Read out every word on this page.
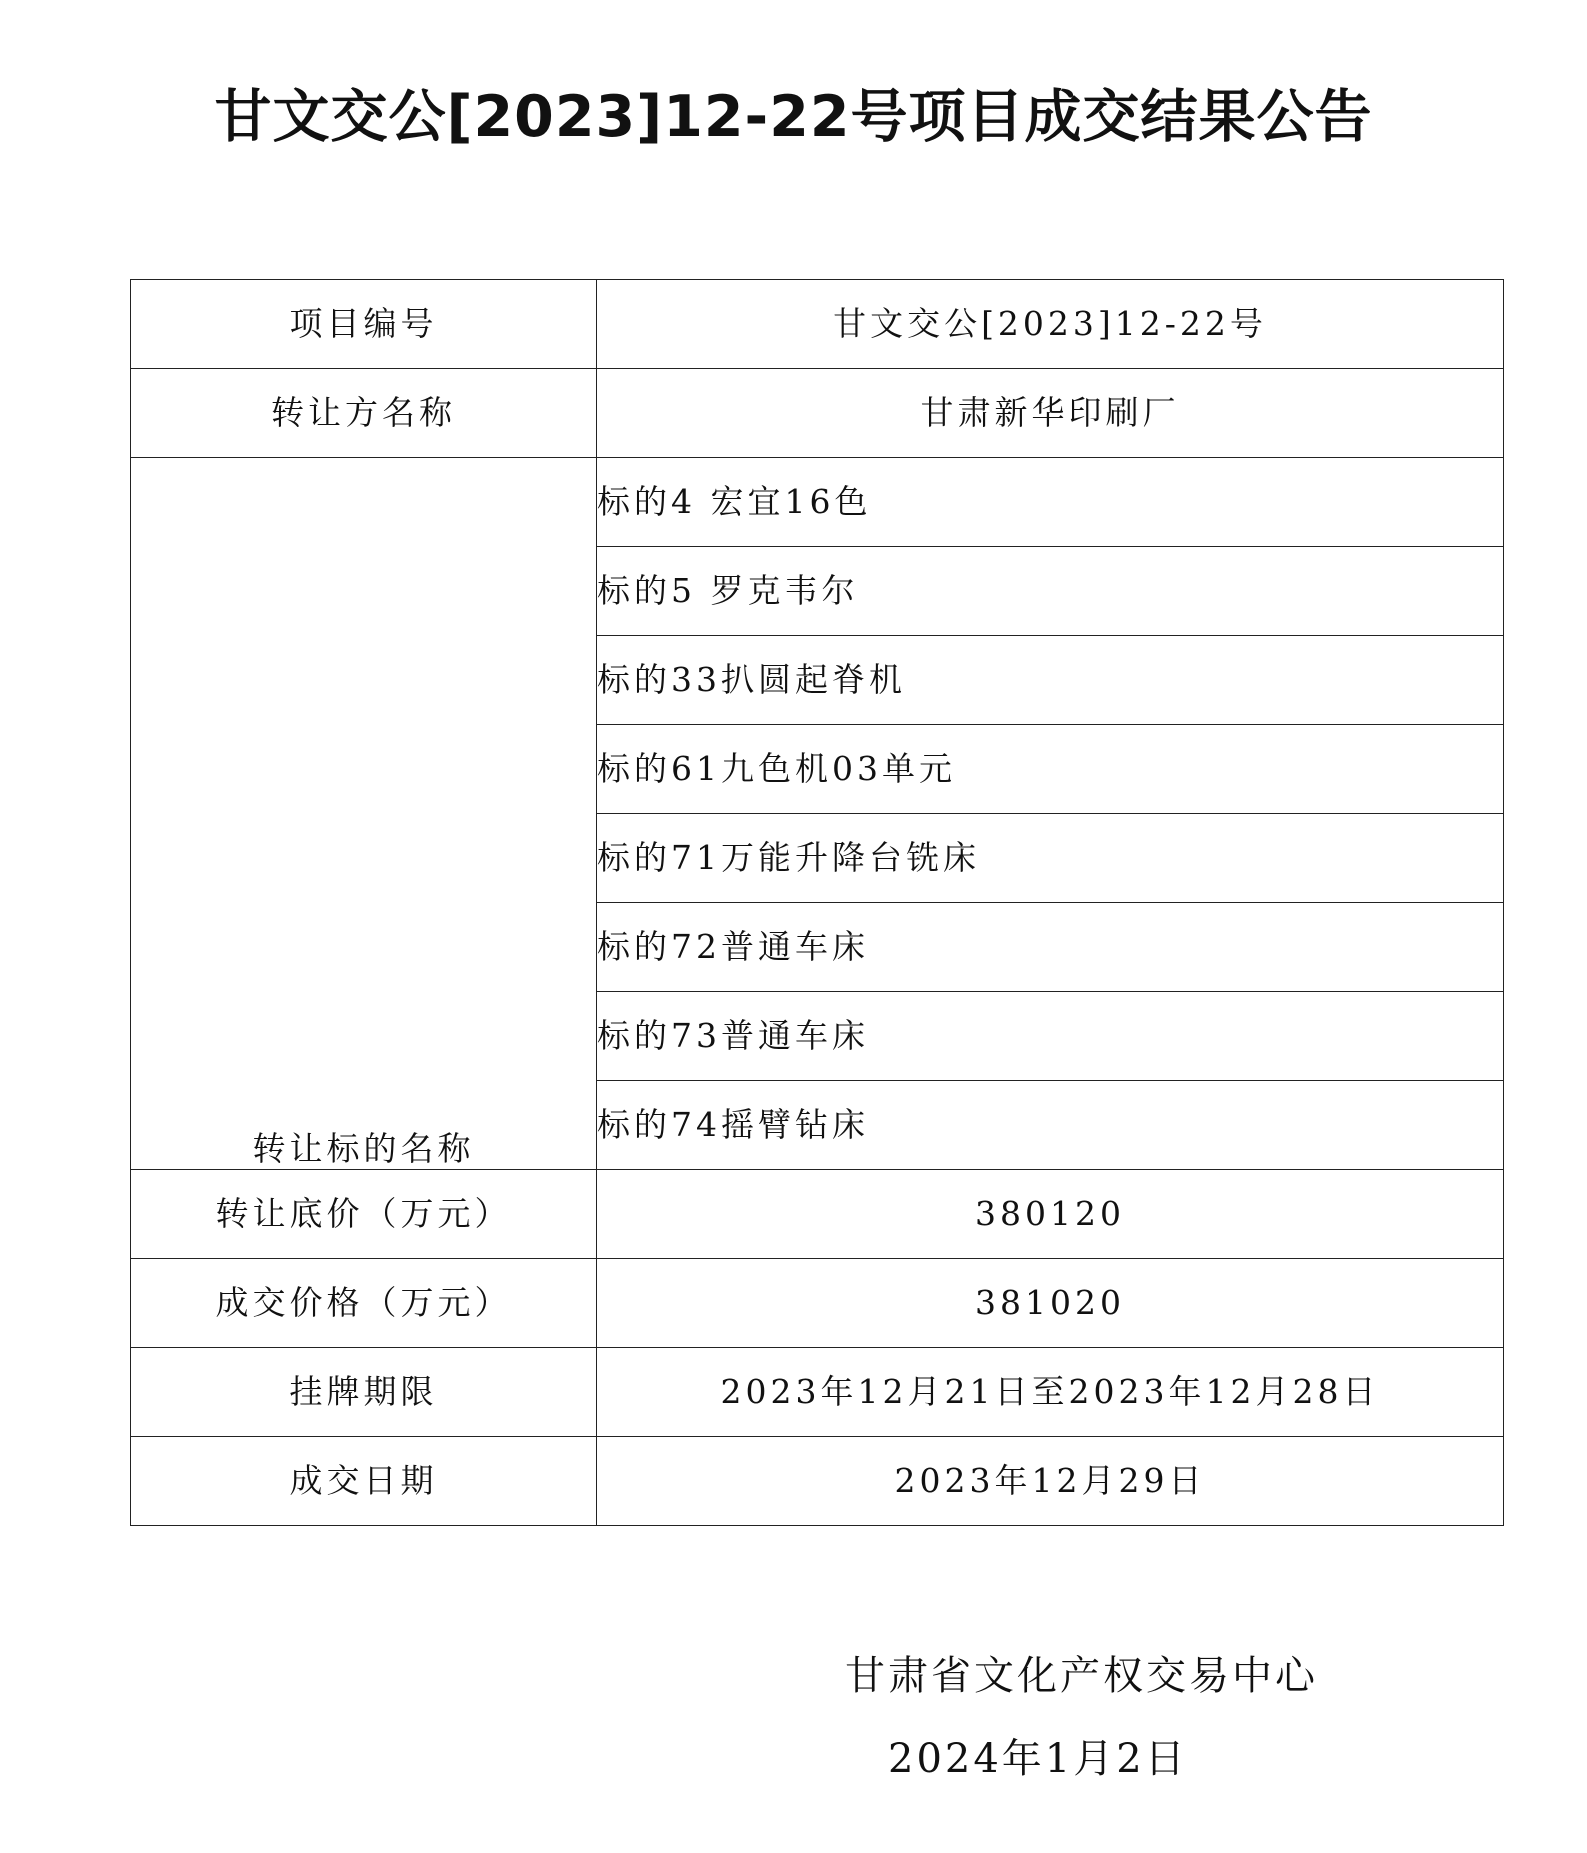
甘文交公[2023]12-22号项目成交结果公告
项目编号	甘文交公[2023]12-22号
转让方名称	甘肃新华印刷厂
转让标的名称	标的4 宏宜16色
	标的5 罗克韦尔
	标的33扒圆起脊机
	标的61九色机03单元
	标的71万能升降台铣床
	标的72普通车床
	标的73普通车床
	标的74摇臂钻床
转让底价（万元）	380120
成交价格（万元）	381020
挂牌期限	2023年12月21日至2023年12月28日
成交日期	2023年12月29日
甘肃省文化产权交易中心
2024年1月2日
